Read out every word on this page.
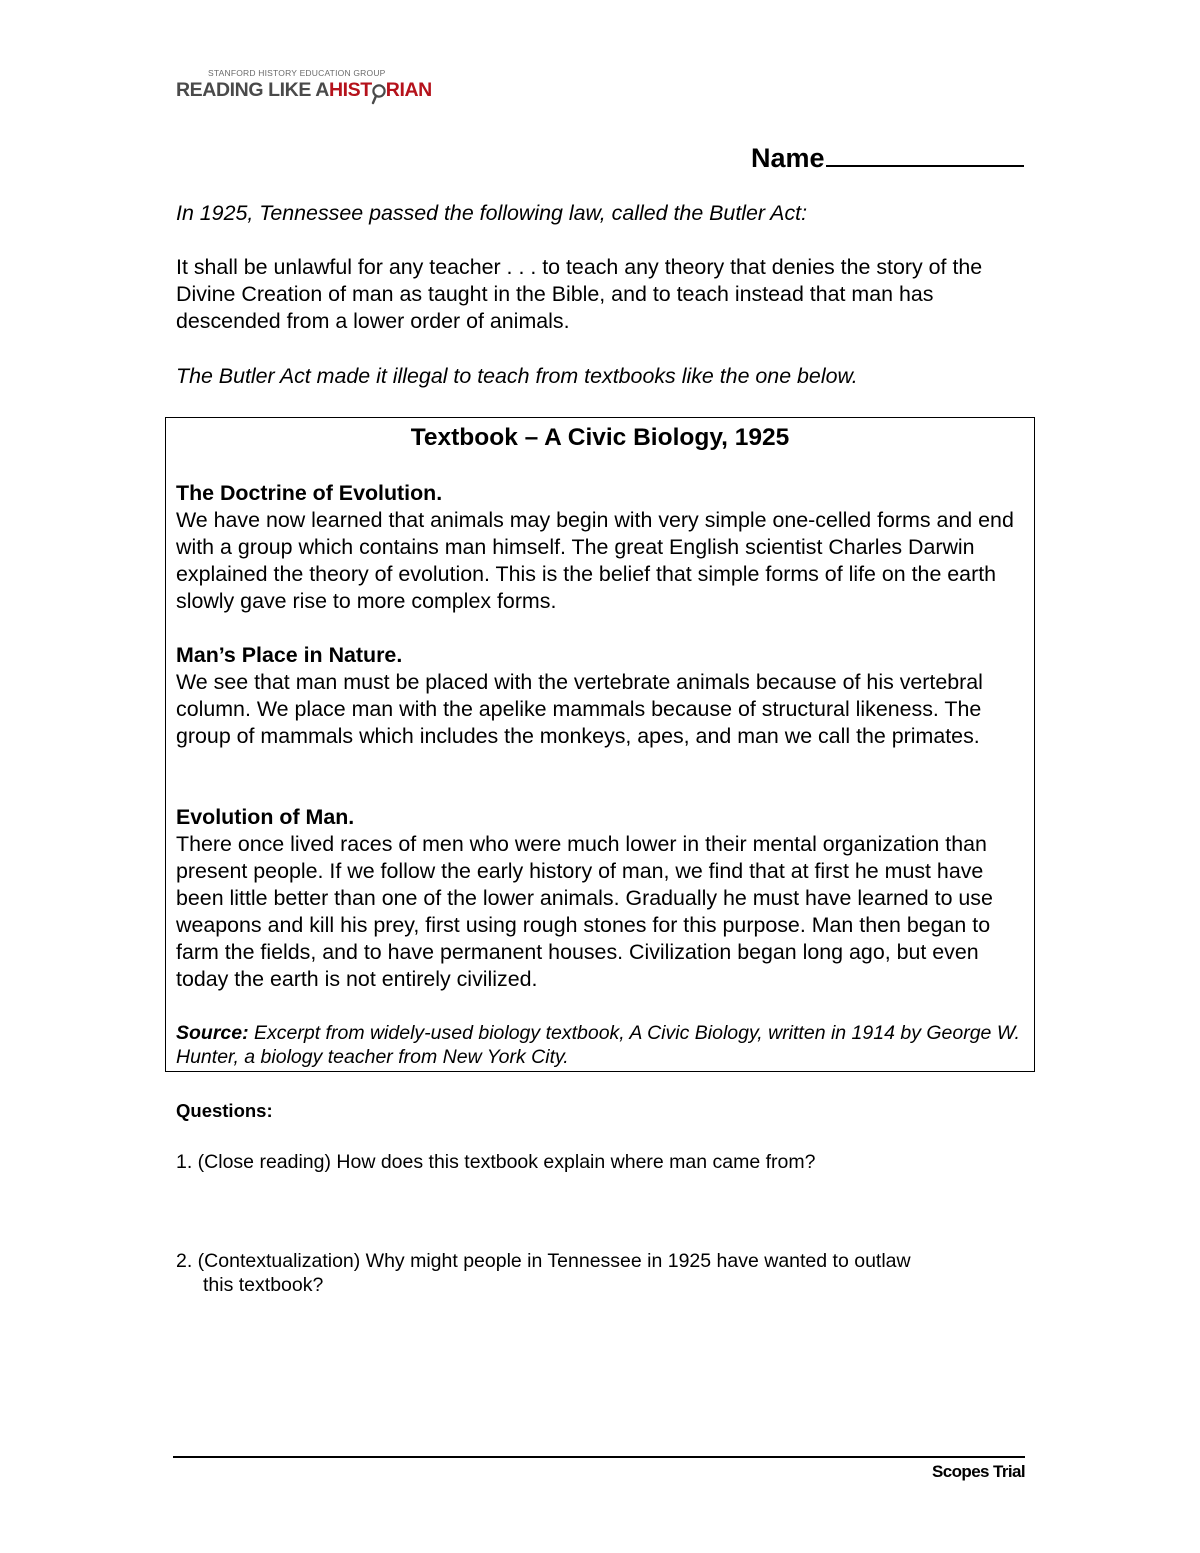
STANFORD HISTORY EDUCATION GROUP
READING LIKE A HIST RIAN
Name
In 1925, Tennessee passed the following law, called the Butler Act:
It shall be unlawful for any teacher . . . to teach any theory that denies the story of the Divine Creation of man as taught in the Bible, and to teach instead that man has descended from a lower order of animals.
The Butler Act made it illegal to teach from textbooks like the one below.
Textbook – A Civic Biology, 1925
The Doctrine of Evolution.
We have now learned that animals may begin with very simple one-celled forms and end with a group which contains man himself. The great English scientist Charles Darwin explained the theory of evolution. This is the belief that simple forms of life on the earth slowly gave rise to more complex forms.
Man’s Place in Nature.
We see that man must be placed with the vertebrate animals because of his vertebral column. We place man with the apelike mammals because of structural likeness. The group of mammals which includes the monkeys, apes, and man we call the primates.
Evolution of Man.
There once lived races of men who were much lower in their mental organization than present people. If we follow the early history of man, we find that at first he must have been little better than one of the lower animals. Gradually he must have learned to use weapons and kill his prey, first using rough stones for this purpose. Man then began to farm the fields, and to have permanent houses. Civilization began long ago, but even today the earth is not entirely civilized.
Source: Excerpt from widely-used biology textbook, A Civic Biology, written in 1914 by George W. Hunter, a biology teacher from New York City.
Questions:
1. (Close reading) How does this textbook explain where man came from?
2. (Contextualization) Why might people in Tennessee in 1925 have wanted to outlaw
this textbook?
Scopes Trial
